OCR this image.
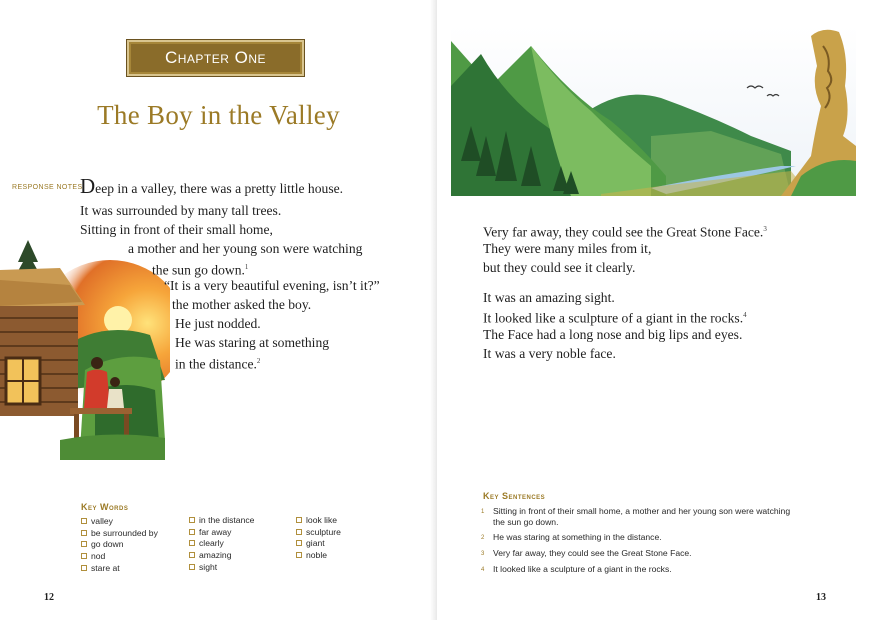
Chapter One
The Boy in the Valley
RESPONSE NOTES
Deep in a valley, there was a pretty little house.
It was surrounded by many tall trees.
Sitting in front of their small home,
a mother and her young son were watching
the sun go down.$^1$
“It is a very beautiful evening, isn’t it?”
the mother asked the boy.
He just nodded.
He was staring at something
in the distance.$^2$
Key Words
valley
be surrounded by
go down
nod
stare at
in the distance
far away
clearly
amazing
sight
look like
sculpture
giant
noble
12
Very far away, they could see the Great Stone Face.$^3$
They were many miles from it,
but they could see it clearly.
It was an amazing sight.
It looked like a sculpture of a giant in the rocks.$^4$
The Face had a long nose and big lips and eyes.
It was a very noble face.
Key Sentences
1	Sitting in front of their small home, a mother and her young son were watching the sun go down.
2	He was staring at something in the distance.
3	Very far away, they could see the Great Stone Face.
4	It looked like a sculpture of a giant in the rocks.
13
